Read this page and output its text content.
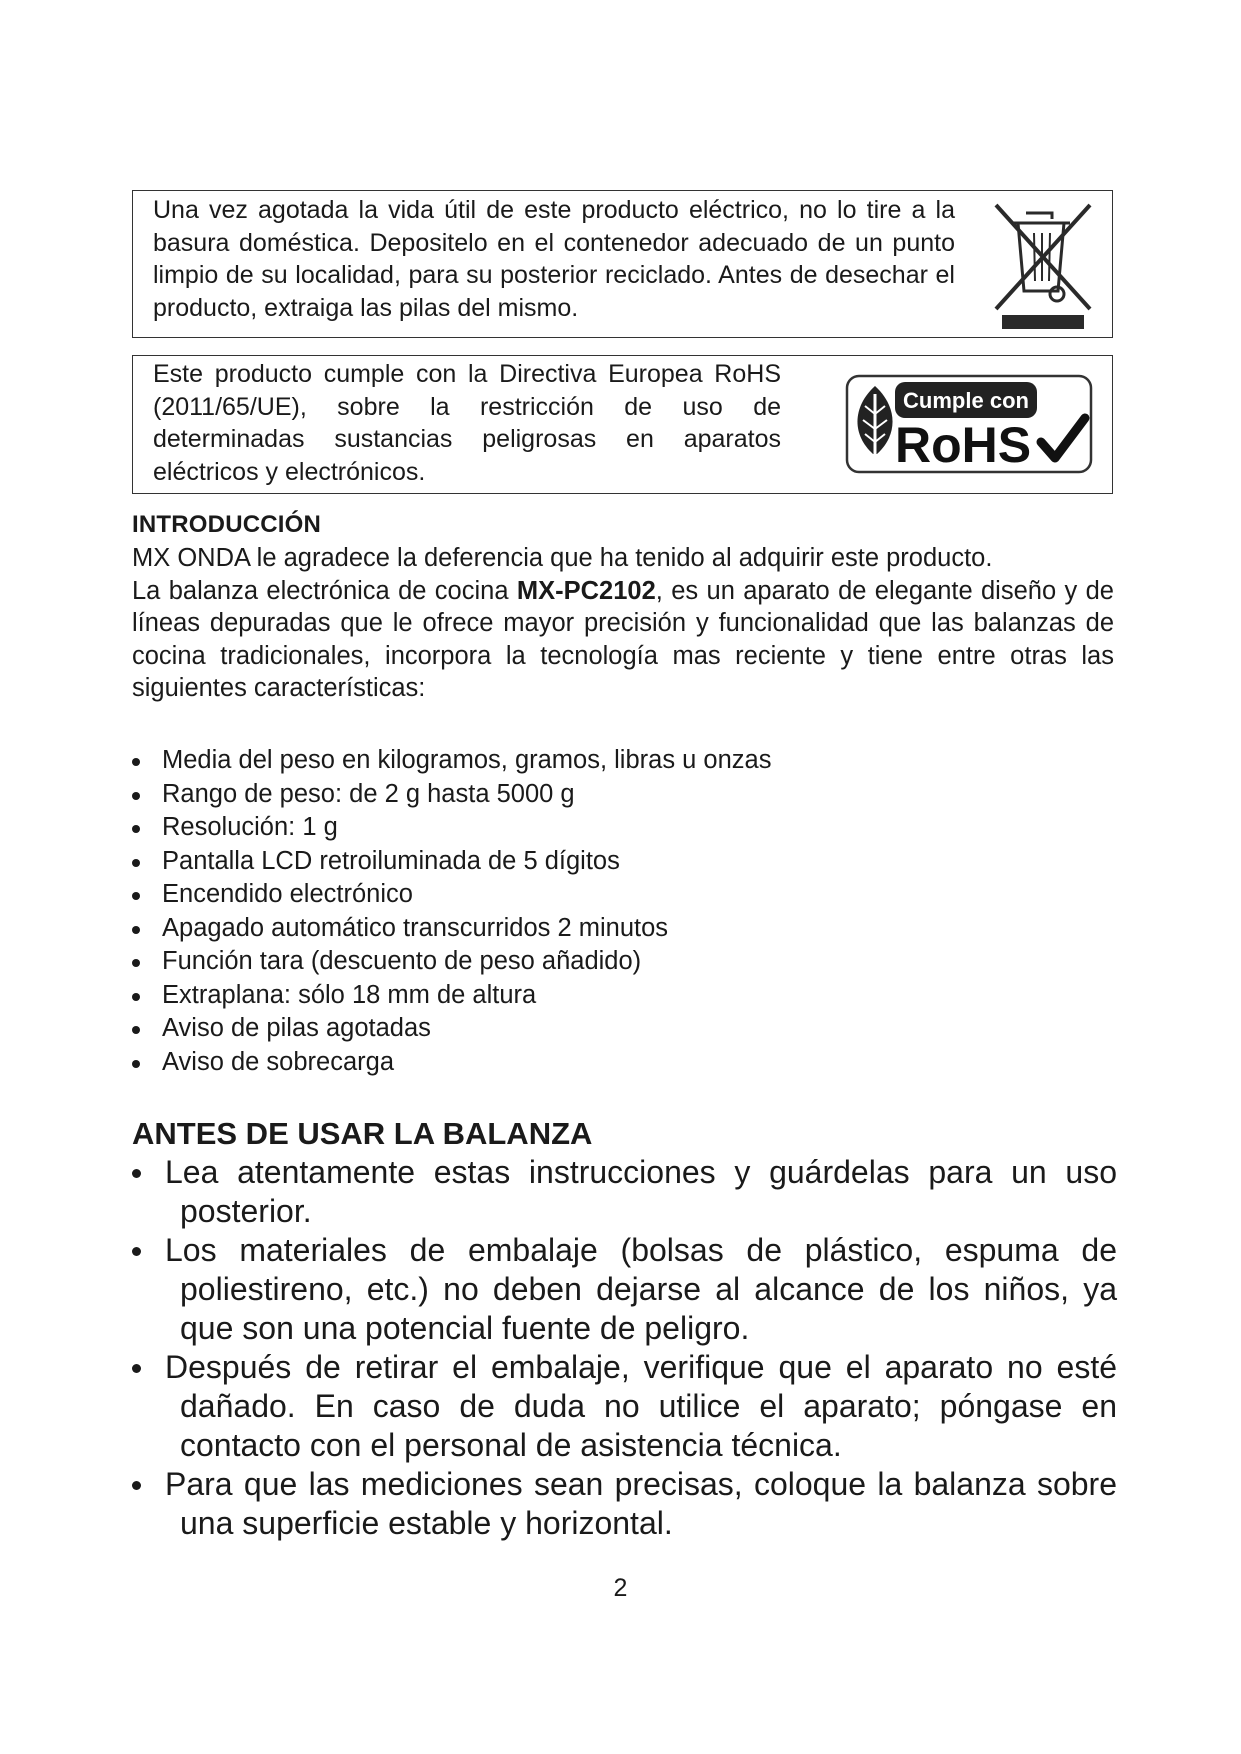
Una vez agotada la vida útil de este producto eléctrico, no lo tire a la basura doméstica. Depositelo en el contenedor adecuado de un punto limpio de su localidad, para su posterior reciclado. Antes de desechar el producto, extraiga las pilas del mismo.

Este producto cumple con la Directiva Europea RoHS (2011/65/UE), sobre la restricción de uso de determinadas sustancias peligrosas en aparatos eléctricos y electrónicos.

Cumple con
RoHS
INTRODUCCIÓN
MX ONDA le agradece la deferencia que ha tenido al adquirir este producto.
La balanza electrónica de cocina MX-PC2102, es un aparato de elegante diseño y de líneas depuradas que le ofrece mayor precisión y funcionalidad que las balanzas de cocina tradicionales, incorpora la tecnología mas reciente y tiene entre otras las siguientes características:
Media del peso en kilogramos, gramos, libras u onzas
Rango de peso: de 2 g hasta 5000 g
Resolución: 1 g
Pantalla LCD retroiluminada de 5 dígitos
Encendido electrónico
Apagado automático transcurridos 2 minutos
Función tara (descuento de peso añadido)
Extraplana: sólo 18 mm de altura
Aviso de pilas agotadas
Aviso de sobrecarga
ANTES DE USAR LA BALANZA
Lea atentamente estas instrucciones y guárdelas para un uso posterior.
Los materiales de embalaje (bolsas de plástico, espuma de poliestireno, etc.) no deben dejarse al alcance de los niños, ya que son una potencial fuente de peligro.
Después de retirar el embalaje, verifique que el aparato no esté dañado. En caso de duda no utilice el aparato; póngase en contacto con el personal de asistencia técnica.
Para que las mediciones sean precisas, coloque la balanza sobre una superficie estable y horizontal.

2
